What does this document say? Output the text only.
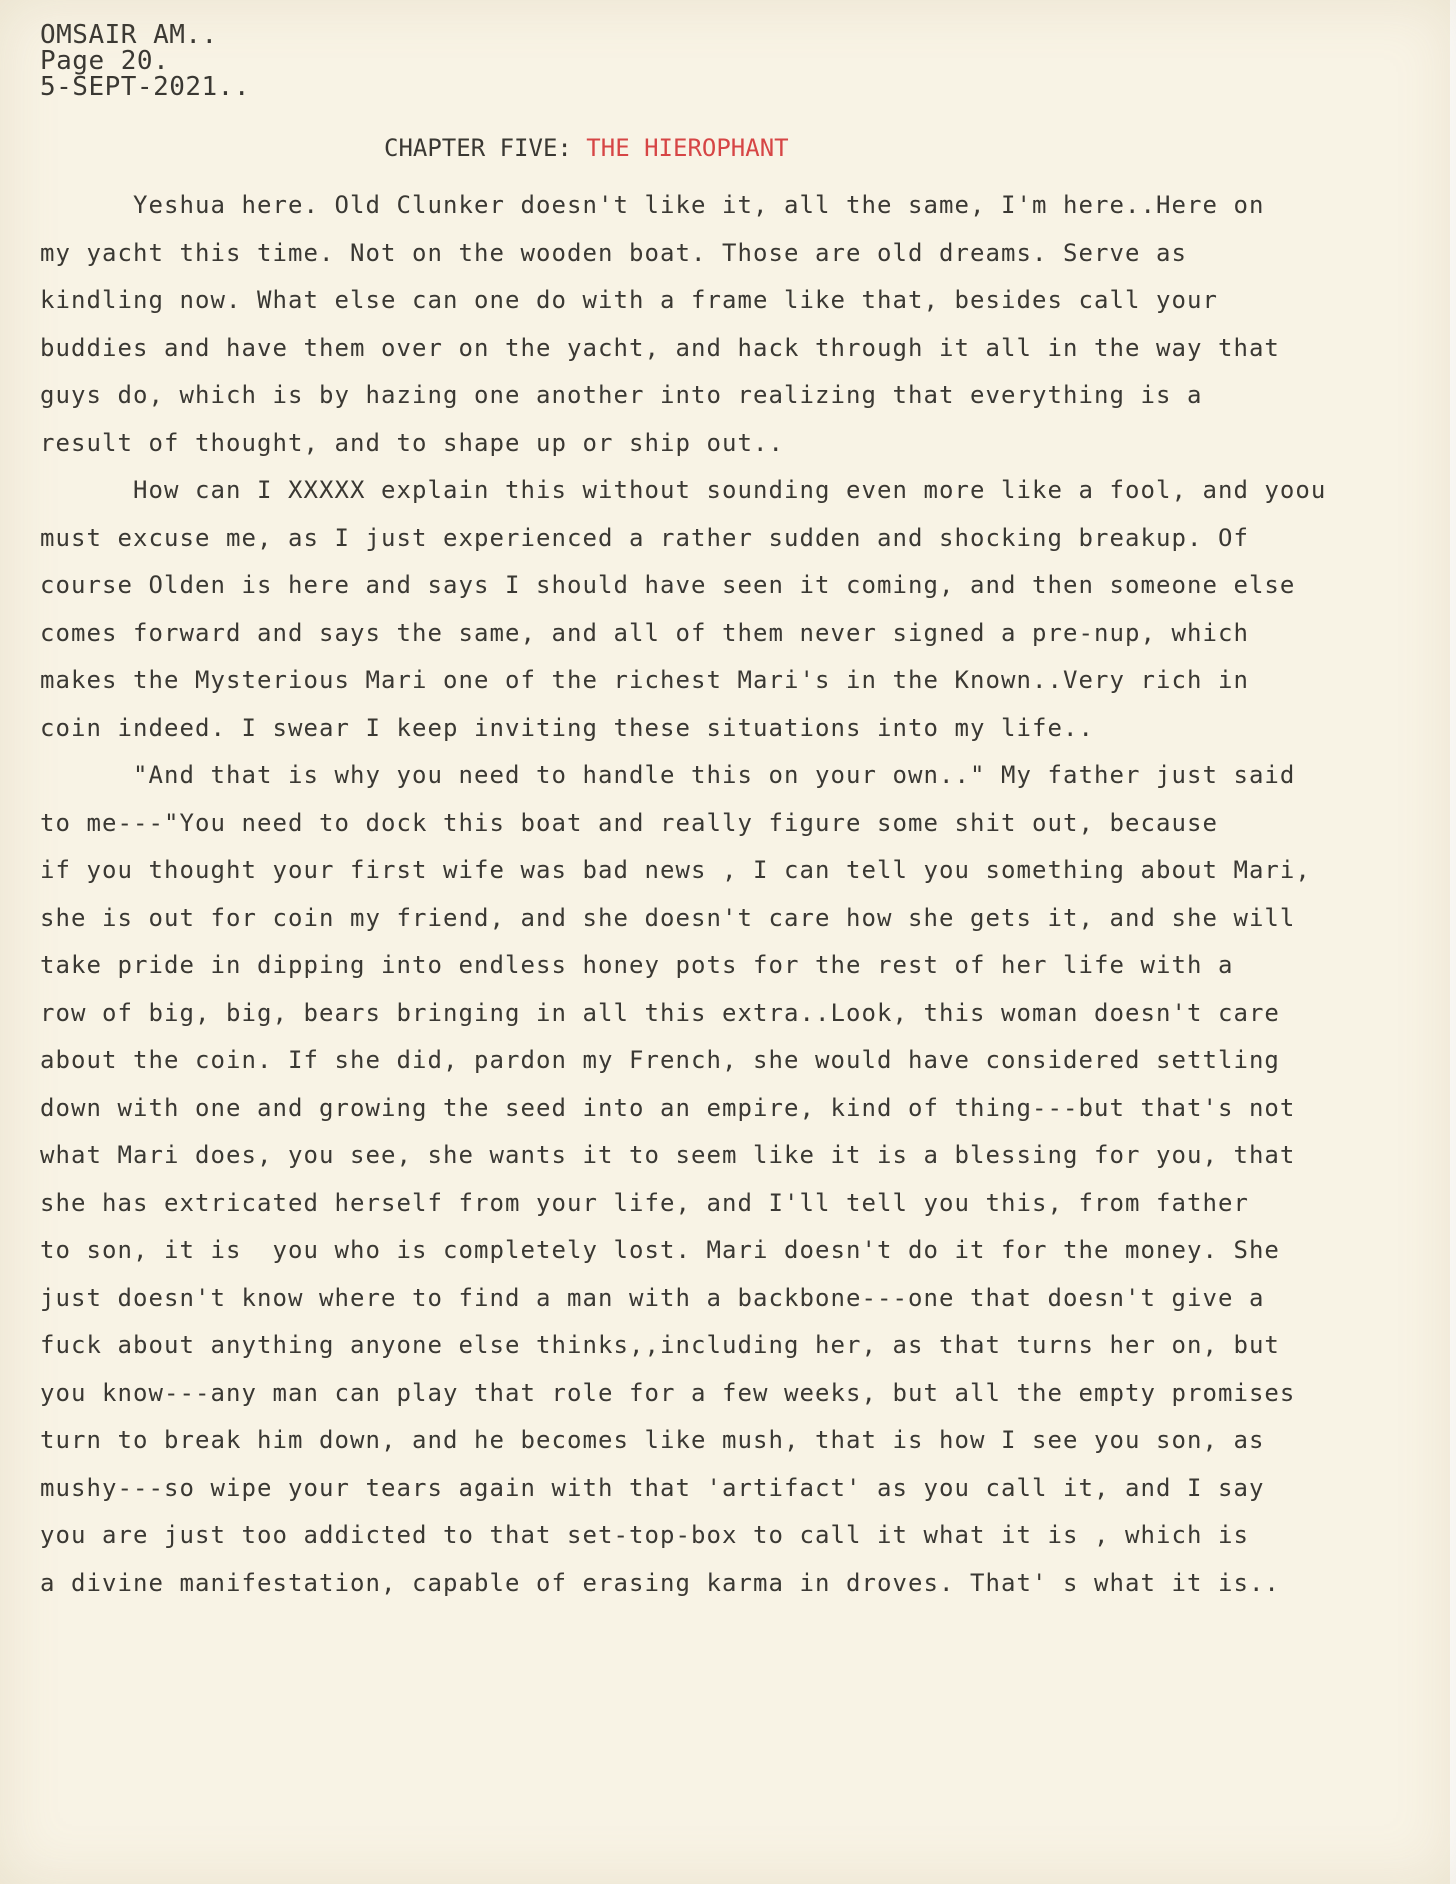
OMSAIR AM..
Page 20.
5-SEPT-2021..
CHAPTER FIVE: THE HIEROPHANT
Yeshua here. Old Clunker doesn't like it, all the same, I'm here..Here on
my yacht this time. Not on the wooden boat. Those are old dreams. Serve as
kindling now. What else can one do with a frame like that, besides call your
buddies and have them over on the yacht, and hack through it all in the way that
guys do, which is by hazing one another into realizing that everything is a
result of thought, and to shape up or ship out..
How can I XXXXX explain this without sounding even more like a fool, and yoou
must excuse me, as I just experienced a rather sudden and shocking breakup. Of
course Olden is here and says I should have seen it coming, and then someone else
comes forward and says the same, and all of them never signed a pre-nup, which
makes the Mysterious Mari one of the richest Mari's in the Known..Very rich in
coin indeed. I swear I keep inviting these situations into my life..
"And that is why you need to handle this on your own.." My father just said
to me---"You need to dock this boat and really figure some shit out, because
if you thought your first wife was bad news , I can tell you something about Mari,
she is out for coin my friend, and she doesn't care how she gets it, and she will
take pride in dipping into endless honey pots for the rest of her life with a
row of big, big, bears bringing in all this extra..Look, this woman doesn't care
about the coin. If she did, pardon my French, she would have considered settling
down with one and growing the seed into an empire, kind of thing---but that's not
what Mari does, you see, she wants it to seem like it is a blessing for you, that
she has extricated herself from your life, and I'll tell you this, from father
to son, it is  you who is completely lost. Mari doesn't do it for the money. She
just doesn't know where to find a man with a backbone---one that doesn't give a
fuck about anything anyone else thinks,,including her, as that turns her on, but
you know---any man can play that role for a few weeks, but all the empty promises
turn to break him down, and he becomes like mush, that is how I see you son, as
mushy---so wipe your tears again with that 'artifact' as you call it, and I say
you are just too addicted to that set-top-box to call it what it is , which is
a divine manifestation, capable of erasing karma in droves. That' s what it is..
